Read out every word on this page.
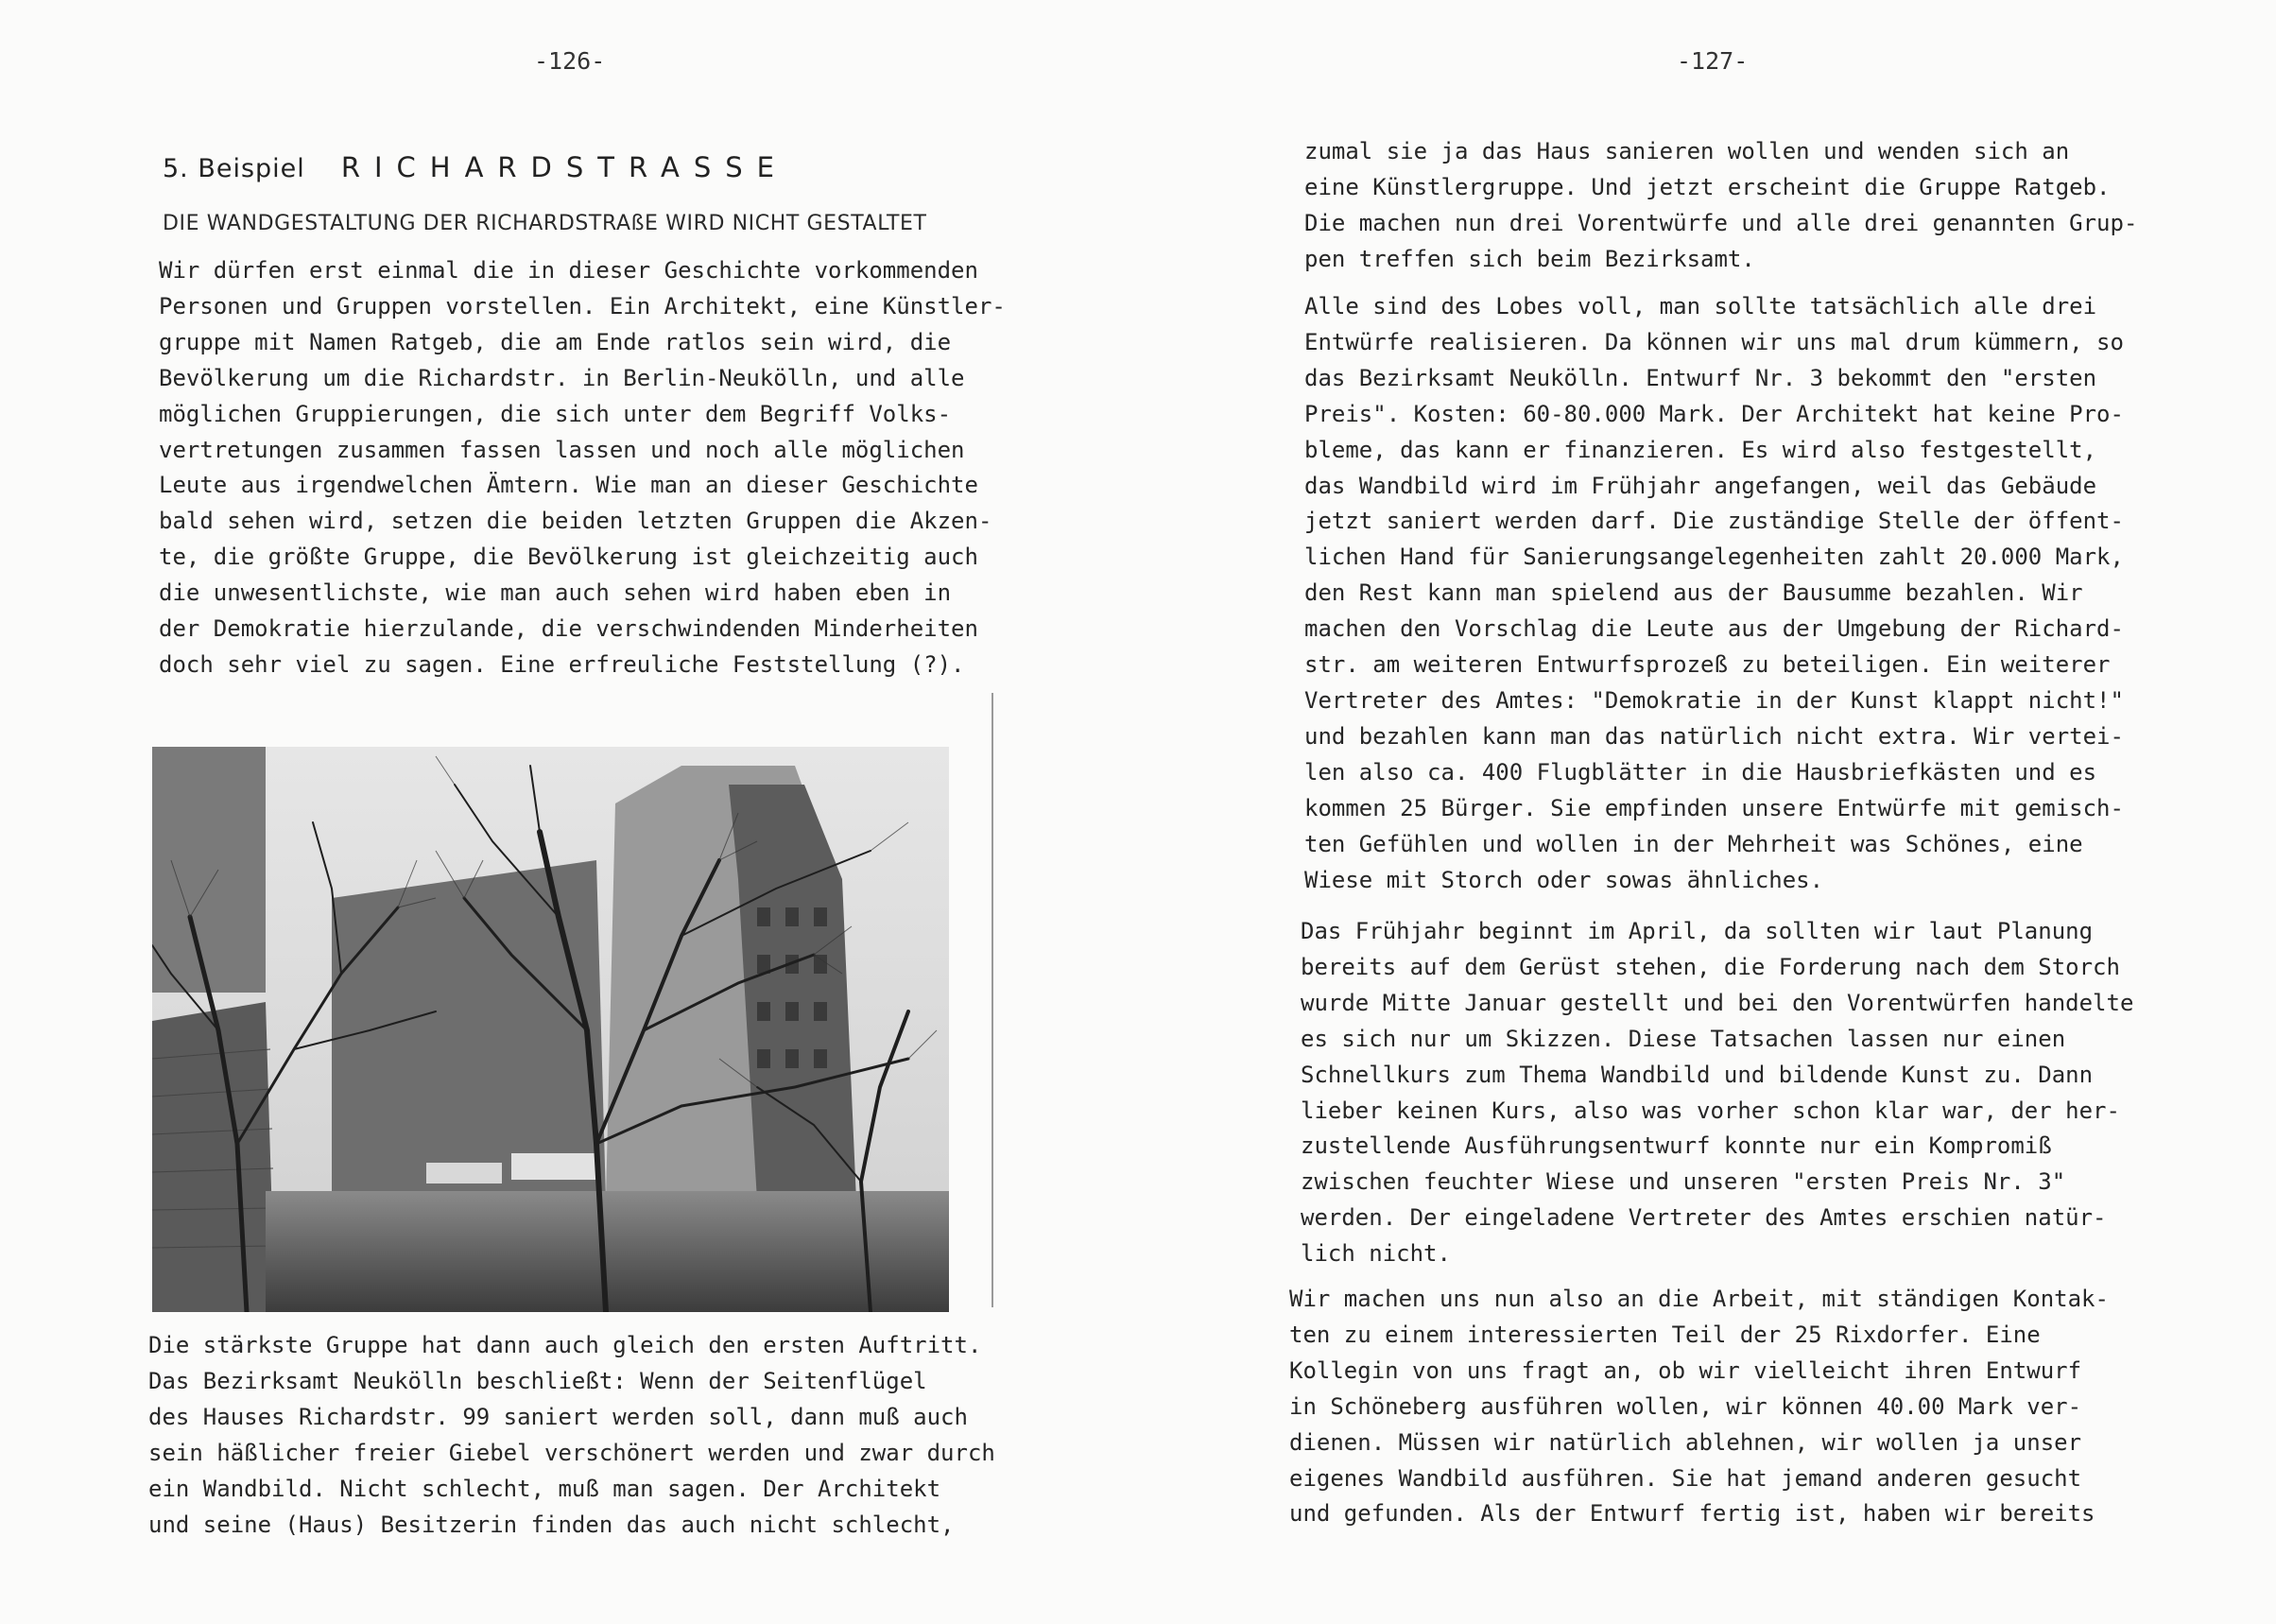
-126-
5. Beispiel RICHARDSTRASSE
DIE WANDGESTALTUNG DER RICHARDSTRAßE WIRD NICHT GESTALTET

Wir dürfen erst einmal die in dieser Geschichte vorkommenden
Personen und Gruppen vorstellen. Ein Architekt, eine Künstler-
gruppe mit Namen Ratgeb, die am Ende ratlos sein wird, die
Bevölkerung um die Richardstr. in Berlin-Neukölln, und alle
möglichen Gruppierungen, die sich unter dem Begriff Volks-
vertretungen zusammen fassen lassen und noch alle möglichen
Leute aus irgendwelchen Ämtern. Wie man an dieser Geschichte
bald sehen wird, setzen die beiden letzten Gruppen die Akzen-
te, die größte Gruppe, die Bevölkerung ist gleichzeitig auch
die unwesentlichste, wie man auch sehen wird haben eben in
der Demokratie hierzulande, die verschwindenden Minderheiten
doch sehr viel zu sagen. Eine erfreuliche Feststellung (?).

Die stärkste Gruppe hat dann auch gleich den ersten Auftritt.
Das Bezirksamt Neukölln beschließt: Wenn der Seitenflügel
des Hauses Richardstr. 99 saniert werden soll, dann muß auch
sein häßlicher freier Giebel verschönert werden und zwar durch
ein Wandbild. Nicht schlecht, muß man sagen. Der Architekt
und seine (Haus) Besitzerin finden das auch nicht schlecht,

-127-

zumal sie ja das Haus sanieren wollen und wenden sich an
eine Künstlergruppe. Und jetzt erscheint die Gruppe Ratgeb.
Die machen nun drei Vorentwürfe und alle drei genannten Grup-
pen treffen sich beim Bezirksamt.

Alle sind des Lobes voll, man sollte tatsächlich alle drei
Entwürfe realisieren. Da können wir uns mal drum kümmern, so
das Bezirksamt Neukölln. Entwurf Nr. 3 bekommt den "ersten
Preis". Kosten: 60-80.000 Mark. Der Architekt hat keine Pro-
bleme, das kann er finanzieren. Es wird also festgestellt,
das Wandbild wird im Frühjahr angefangen, weil das Gebäude
jetzt saniert werden darf. Die zuständige Stelle der öffent-
lichen Hand für Sanierungsangelegenheiten zahlt 20.000 Mark,
den Rest kann man spielend aus der Bausumme bezahlen. Wir
machen den Vorschlag die Leute aus der Umgebung der Richard-
str. am weiteren Entwurfsprozeß zu beteiligen. Ein weiterer
Vertreter des Amtes: "Demokratie in der Kunst klappt nicht!"
und bezahlen kann man das natürlich nicht extra. Wir vertei-
len also ca. 400 Flugblätter in die Hausbriefkästen und es
kommen 25 Bürger. Sie empfinden unsere Entwürfe mit gemisch-
ten Gefühlen und wollen in der Mehrheit was Schönes, eine
Wiese mit Storch oder sowas ähnliches.

Das Frühjahr beginnt im April, da sollten wir laut Planung
bereits auf dem Gerüst stehen, die Forderung nach dem Storch
wurde Mitte Januar gestellt und bei den Vorentwürfen handelte
es sich nur um Skizzen. Diese Tatsachen lassen nur einen
Schnellkurs zum Thema Wandbild und bildende Kunst zu. Dann
lieber keinen Kurs, also was vorher schon klar war, der her-
zustellende Ausführungsentwurf konnte nur ein Kompromiß
zwischen feuchter Wiese und unseren "ersten Preis Nr. 3"
werden. Der eingeladene Vertreter des Amtes erschien natür-
lich nicht.

Wir machen uns nun also an die Arbeit, mit ständigen Kontak-
ten zu einem interessierten Teil der 25 Rixdorfer. Eine
Kollegin von uns fragt an, ob wir vielleicht ihren Entwurf
in Schöneberg ausführen wollen, wir können 40.00 Mark ver-
dienen. Müssen wir natürlich ablehnen, wir wollen ja unser
eigenes Wandbild ausführen. Sie hat jemand anderen gesucht
und gefunden. Als der Entwurf fertig ist, haben wir bereits
